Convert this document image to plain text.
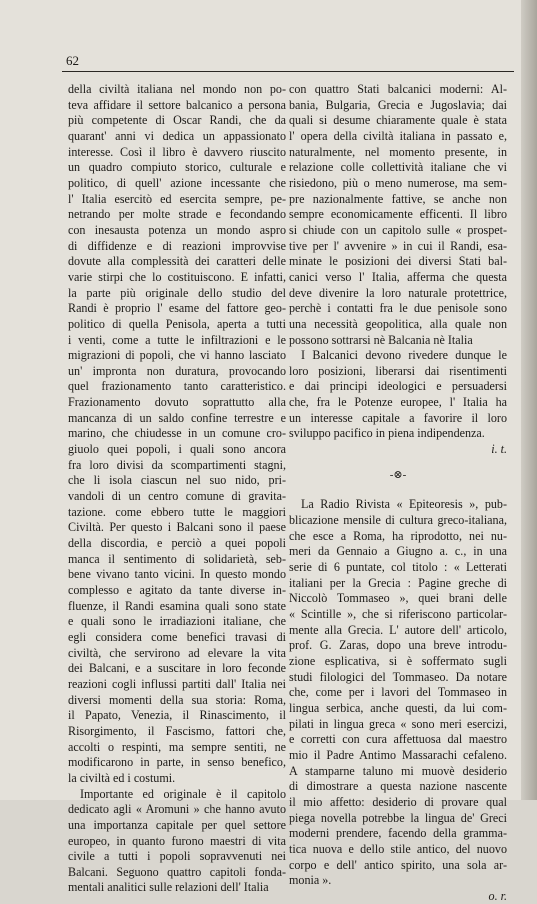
62
della civiltà italiana nel mondo non po-
teva affidare il settore balcanico a persona
più competente di Oscar Randi, che da
quarant' anni vi dedica un appassionato
interesse. Così il libro è davvero riuscito
un quadro compiuto storico, culturale e
politico, di quell' azione incessante che
l' Italia esercitò ed esercita sempre, pe-
netrando per molte strade e fecondando
con inesausta potenza un mondo aspro
di diffidenze e di reazioni improvvise
dovute alla complessità dei caratteri delle
varie stirpi che lo costituiscono. E infatti,
la parte più originale dello studio del
Randi è proprio l' esame del fattore geo-
politico di quella Penisola, aperta a tutti
i venti, come a tutte le infiltrazioni e le
migrazioni di popoli, che vi hanno lasciato
un' impronta non duratura, provocando
quel frazionamento tanto caratteristico.
Frazionamento dovuto soprattutto alla
mancanza di un saldo confine terrestre e
marino, che chiudesse in un comune cro-
giuolo quei popoli, i quali sono ancora
fra loro divisi da scompartimenti stagni,
che li isola ciascun nel suo nido, pri-
vandoli di un centro comune di gravita-
tazione. come ebbero tutte le maggiori
Civiltà. Per questo i Balcani sono il paese
della discordia, e perciò a quei popoli
manca il sentimento di solidarietà, seb-
bene vivano tanto vicini. In questo mondo
complesso e agitato da tante diverse in-
fluenze, il Randi esamina quali sono state
e quali sono le irradiazioni italiane, che
egli considera come benefici travasi di
civiltà, che servirono ad elevare la vita
dei Balcani, e a suscitare in loro feconde
reazioni cogli influssi partiti dall' Italia nei
diversi momenti della sua storia: Roma,
il Papato, Venezia, il Rinascimento, il
Risorgimento, il Fascismo, fattori che,
accolti o respinti, ma sempre sentiti, ne
modificarono in parte, in senso benefico,
la civiltà ed i costumi.
Importante ed originale è il capitolo
dedicato agli « Aromuni » che hanno avuto
una importanza capitale per quel settore
europeo, in quanto furono maestri di vita
civile a tutti i popoli sopravvenuti nei
Balcani. Seguono quattro capitoli fonda-
mentali analitici sulle relazioni dell' Italia
con quattro Stati balcanici moderni: Al-
bania, Bulgaria, Grecia e Jugoslavia; dai
quali si desume chiaramente quale è stata
l' opera della civiltà italiana in passato e,
naturalmente, nel momento presente, in
relazione colle collettività italiane che vi
risiedono, più o meno numerose, ma sem-
pre nazionalmente fattive, se anche non
sempre economicamente efficenti. Il libro
si chiude con un capitolo sulle « prospet-
tive per l' avvenire » in cui il Randi, esa-
minate le posizioni dei diversi Stati bal-
canici verso l' Italia, afferma che questa
deve divenire la loro naturale protettrice,
perchè i contatti fra le due penisole sono
una necessità geopolitica, alla quale non
possono sottrarsi nè Balcania nè Italia
I Balcanici devono rivedere dunque le
loro posizioni, liberarsi dai risentimenti
e dai principi ideologici e persuadersi
che, fra le Potenze europee, l' Italia ha
un interesse capitale a favorire il loro
sviluppo pacifico in piena indipendenza.
i. t.
-⊗-
La Radio Rivista « Epiteoresis », pub-
blicazione mensile di cultura greco-italiana,
che esce a Roma, ha riprodotto, nei nu-
meri da Gennaio a Giugno a. c., in una
serie di 6 puntate, col titolo : « Letterati
italiani per la Grecia : Pagine greche di
Niccolò Tommaseo », quei brani delle
« Scintille », che si riferiscono particolar-
mente alla Grecia. L' autore dell' articolo,
prof. G. Zaras, dopo una breve introdu-
zione esplicativa, si è soffermato sugli
studi filologici del Tommaseo. Da notare
che, come per i lavori del Tommaseo in
lingua serbica, anche questi, da lui com-
pilati in lingua greca « sono meri esercizi,
e corretti con cura affettuosa dal maestro
mio il Padre Antimo Massarachi cefaleno.
A stamparne taluno mi muovè desiderio
di dimostrare a questa nazione nascente
il mio affetto: desiderio di provare qual
piega novella potrebbe la lingua de' Greci
moderni prendere, facendo della gramma-
tica nuova e dello stile antico, del nuovo
corpo e dell' antico spirito, una sola ar-
monia ».
o. r.
